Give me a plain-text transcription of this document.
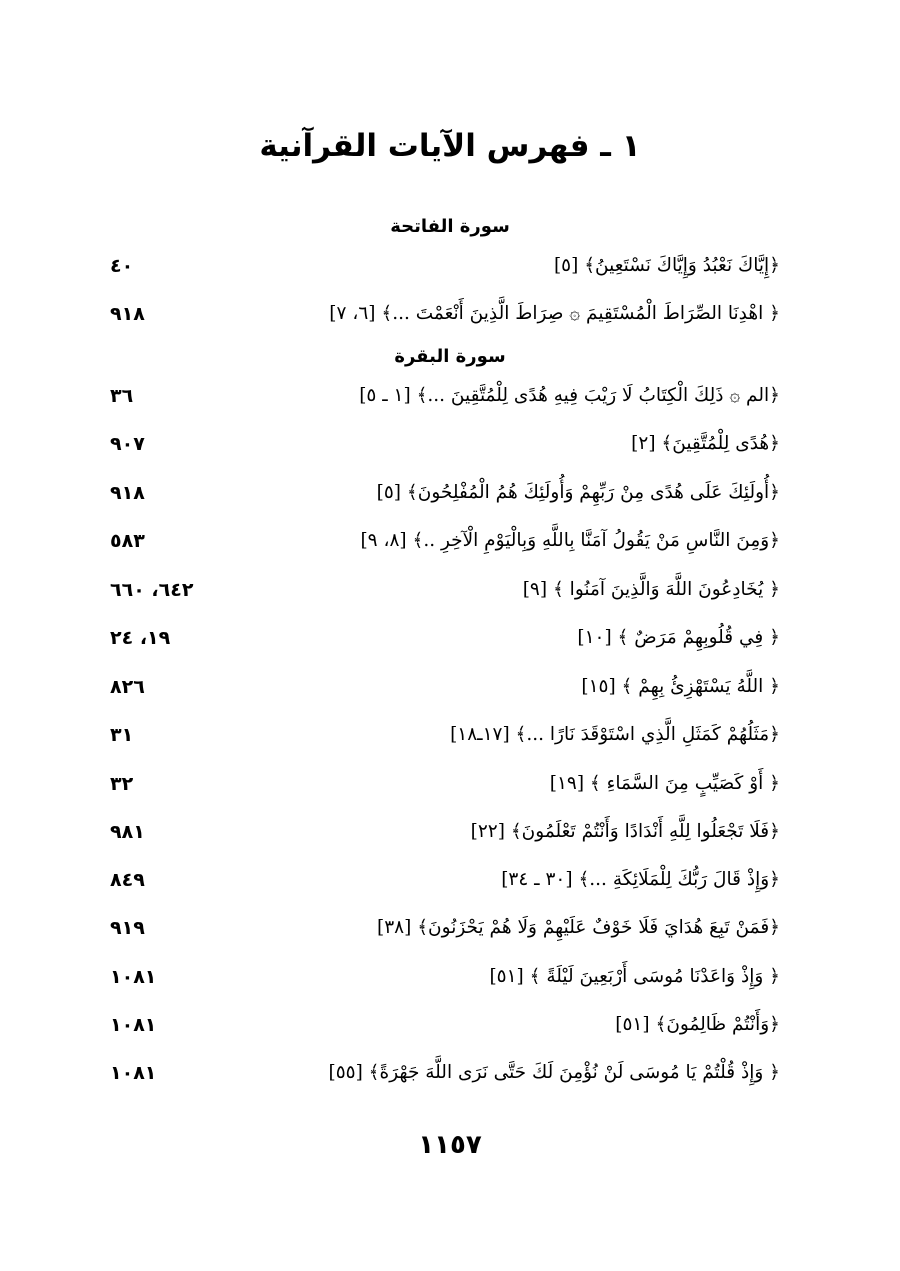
١ ـ فهرس الآيات القرآنية
سورة الفاتحة
﴿إِيَّاكَ نَعْبُدُ وَإِيَّاكَ نَسْتَعِينُ﴾ [٥]
٤٠
﴿ اهْدِنَا الصِّرَاطَ الْمُسْتَقِيمَ ۞ صِرَاطَ الَّذِينَ أَنْعَمْتَ ...﴾ [٦، ٧]
٩١٨
سورة البقرة
﴿الم ۞ ذَلِكَ الْكِتَابُ لَا رَيْبَ فِيهِ هُدًى لِلْمُتَّقِينَ ...﴾ [١ ـ ٥]
٣٦
﴿هُدًى لِلْمُتَّقِينَ﴾ [٢]
٩٠٧
﴿أُولَئِكَ عَلَى هُدًى مِنْ رَبِّهِمْ وَأُولَئِكَ هُمُ الْمُفْلِحُونَ﴾ [٥]
٩١٨
﴿وَمِنَ النَّاسِ مَنْ يَقُولُ آمَنَّا بِاللَّهِ وَبِالْيَوْمِ الْآخِرِ ..﴾ [٨، ٩]
٥٨٣
﴿ يُخَادِعُونَ اللَّهَ وَالَّذِينَ آمَنُوا ﴾ [٩]
٦٤٢، ٦٦٠
﴿ فِي قُلُوبِهِمْ مَرَضٌ ﴾ [١٠]
١٩، ٢٤
﴿ اللَّهُ يَسْتَهْزِئُ بِهِمْ ﴾ [١٥]
٨٢٦
﴿مَثَلُهُمْ كَمَثَلِ الَّذِي اسْتَوْقَدَ نَارًا ...﴾ [١٧ـ١٨]
٣١
﴿ أَوْ كَصَيِّبٍ مِنَ السَّمَاءِ ﴾ [١٩]
٣٢
﴿فَلَا تَجْعَلُوا لِلَّهِ أَنْدَادًا وَأَنْتُمْ تَعْلَمُونَ﴾ [٢٢]
٩٨١
﴿وَإِذْ قَالَ رَبُّكَ لِلْمَلَائِكَةِ ...﴾ [٣٠ ـ ٣٤]
٨٤٩
﴿فَمَنْ تَبِعَ هُدَايَ فَلَا خَوْفٌ عَلَيْهِمْ وَلَا هُمْ يَحْزَنُونَ﴾ [٣٨]
٩١٩
﴿ وَإِذْ وَاعَدْنَا مُوسَى أَرْبَعِينَ لَيْلَةً ﴾ [٥١]
١٠٨١
﴿وَأَنْتُمْ ظَالِمُونَ﴾ [٥١]
١٠٨١
﴿ وَإِذْ قُلْتُمْ يَا مُوسَى لَنْ نُؤْمِنَ لَكَ حَتَّى نَرَى اللَّهَ جَهْرَةً﴾ [٥٥]
١٠٨١
١١٥٧
